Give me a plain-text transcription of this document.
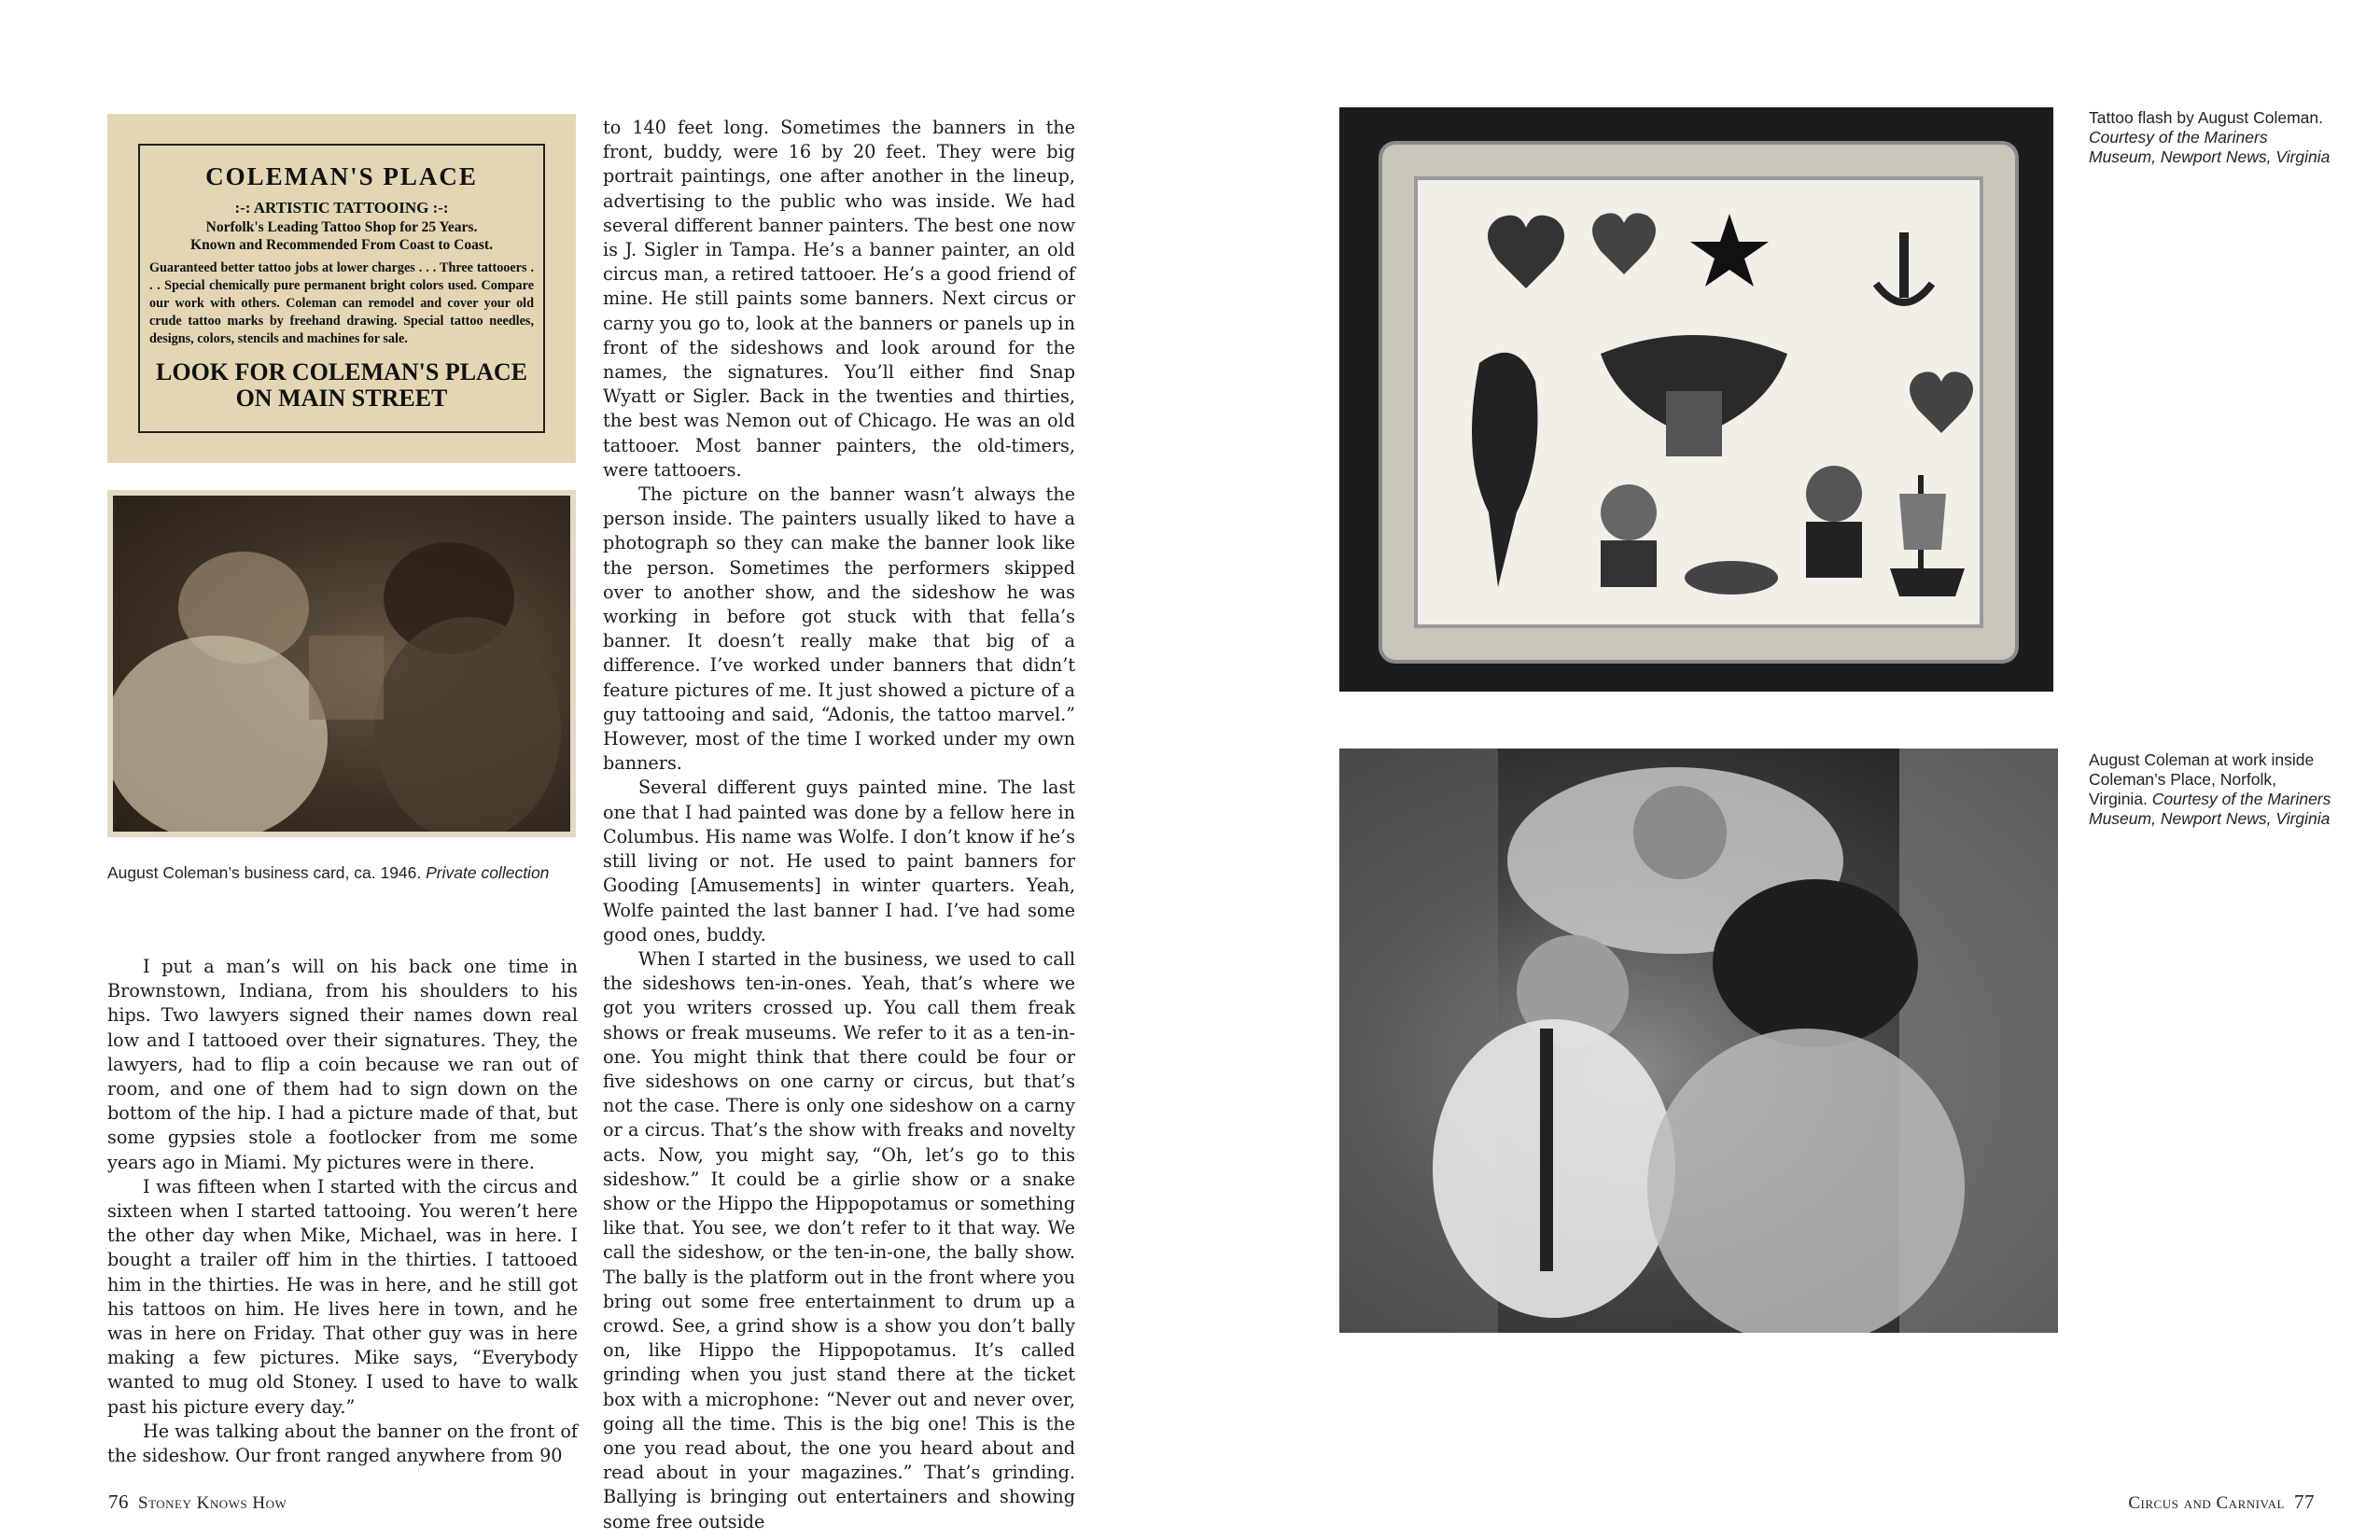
COLEMAN'S PLACE
:-: ARTISTIC TATTOOING :-:
Norfolk's Leading Tattoo Shop for 25 Years.
Known and Recommended From Coast to Coast.
Guaranteed better tattoo jobs at lower charges . . . Three tattooers . . . Special chemically pure permanent bright colors used. Compare our work with others. Coleman can remodel and cover your old crude tattoo marks by freehand drawing. Special tattoo needles, designs, colors, stencils and machines for sale.
LOOK FOR COLEMAN'S PLACE
ON MAIN STREET
August Coleman’s business card, ca. 1946. Private collection

I put a man’s will on his back one time in Brownstown, Indiana, from his shoulders to his hips. Two lawyers signed their names down real low and I tattooed over their signatures. They, the lawyers, had to flip a coin because we ran out of room, and one of them had to sign down on the bottom of the hip. I had a picture made of that, but some gypsies stole a footlocker from me some years ago in Miami. My pictures were in there.

I was fifteen when I started with the circus and sixteen when I started tattooing. You weren’t here the other day when Mike, Michael, was in here. I bought a trailer off him in the thirties. I tattooed him in the thirties. He was in here, and he still got his tattoos on him. He lives here in town, and he was in here on Friday. That other guy was in here making a few pictures. Mike says, “Everybody wanted to mug old Stoney. I used to have to walk past his picture every day.”

He was talking about the banner on the front of the sideshow. Our front ranged anywhere from 90

to 140 feet long. Sometimes the banners in the front, buddy, were 16 by 20 feet. They were big portrait paintings, one after another in the lineup, advertising to the public who was inside. We had several different banner painters. The best one now is J. Sigler in Tampa. He’s a banner painter, an old circus man, a retired tattooer. He’s a good friend of mine. He still paints some banners. Next circus or carny you go to, look at the banners or panels up in front of the sideshows and look around for the names, the signatures. You’ll either find Snap Wyatt or Sigler. Back in the twenties and thirties, the best was Nemon out of Chicago. He was an old tattooer. Most banner painters, the old-timers, were tattooers.

The picture on the banner wasn’t always the person inside. The painters usually liked to have a photograph so they can make the banner look like the person. Sometimes the performers skipped over to another show, and the sideshow he was working in before got stuck with that fella’s banner. It doesn’t really make that big of a difference. I’ve worked under banners that didn’t feature pictures of me. It just showed a picture of a guy tattooing and said, “Adonis, the tattoo marvel.” However, most of the time I worked under my own banners.

Several different guys painted mine. The last one that I had painted was done by a fellow here in Columbus. His name was Wolfe. I don’t know if he’s still living or not. He used to paint banners for Gooding [Amusements] in winter quarters. Yeah, Wolfe painted the last banner I had. I’ve had some good ones, buddy.

When I started in the business, we used to call the sideshows ten-in-ones. Yeah, that’s where we got you writers crossed up. You call them freak shows or freak museums. We refer to it as a ten-in-one. You might think that there could be four or five sideshows on one carny or circus, but that’s not the case. There is only one sideshow on a carny or a circus. That’s the show with freaks and novelty acts. Now, you might say, “Oh, let’s go to this sideshow.” It could be a girlie show or a snake show or the Hippo the Hippopotamus or something like that. You see, we don’t refer to it that way. We call the sideshow, or the ten-in-one, the bally show. The bally is the platform out in the front where you bring out some free entertainment to drum up a crowd. See, a grind show is a show you don’t bally on, like Hippo the Hippopotamus. It’s called grinding when you just stand there at the ticket box with a microphone: “Never out and never over, going all the time. This is the big one! This is the one you read about, the one you heard about and read about in your magazines.” That’s grinding. Ballying is bringing out entertainers and showing some free outside

Tattoo flash by August Coleman. Courtesy of the Mariners Museum, Newport News, Virginia
August Coleman at work inside Coleman’s Place, Norfolk, Virginia. Courtesy of the Mariners Museum, Newport News, Virginia
76 Stoney Knows How	Circus and Carnival 77
